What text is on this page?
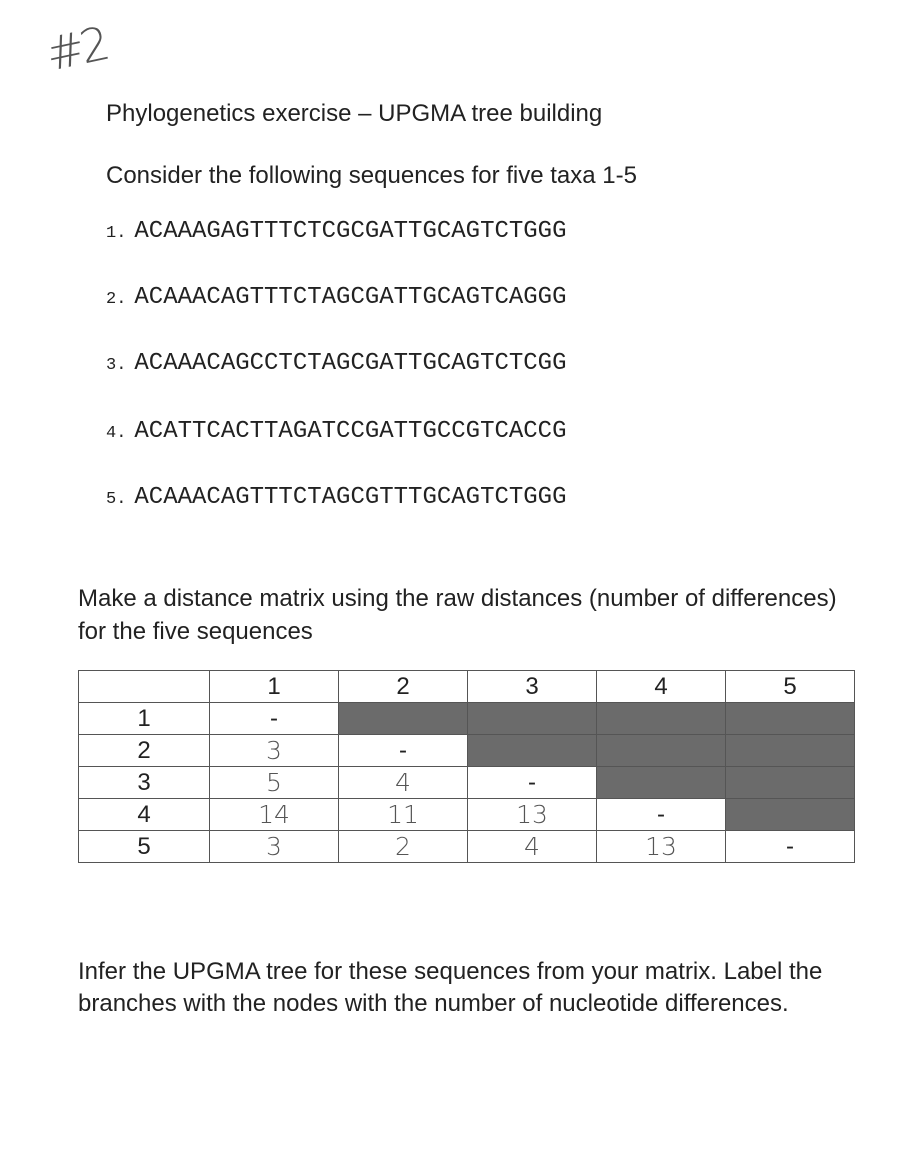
#2
Phylogenetics exercise – UPGMA tree building
Consider the following sequences for five taxa 1-5
1. ACAAAGAGTTTCTCGCGATTGCAGTCTGGG
2. ACAAACAGTTTCTAGCGATTGCAGTCAGGG
3. ACAAACAGCCTCTAGCGATTGCAGTCTCGG
4. ACATTCACTTAGATCCGATTGCCGTCACCG
5. ACAAACAGTTTCTAGCGTTTGCAGTCTGGG
Make a distance matrix using the raw distances (number of differences) for the five sequences
	1	2	3	4	5
1	-				
2	3	-			
3	5	4	-		
4	14	11	13	-	
5	3	2	4	13	-
Infer the UPGMA tree for these sequences from your matrix. Label the branches with the nodes with the number of nucleotide differences.
